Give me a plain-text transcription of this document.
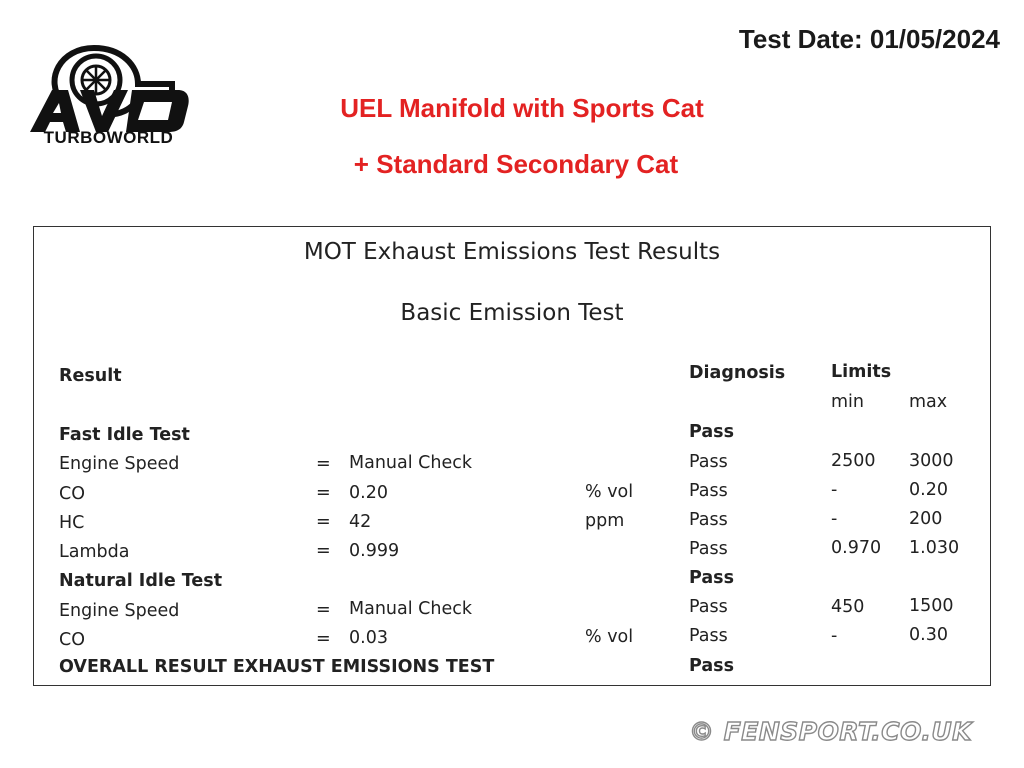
TURBOWORLD
Test Date: 01/05/2024
UEL Manifold with Sports Cat
+ Standard Secondary Cat
MOT Exhaust Emissions Test Results
Basic Emission Test
Result	Diagnosis	Limits
min	max
Fast Idle Test	Pass
Engine Speed	= Manual Check	Pass	2500 3000
CO	= 0.20	% vol	Pass	-	0.20
HC	= 42	ppm	Pass	-	200
Lambda	= 0.999	Pass	0.970 1.030
Natural Idle Test	Pass
Engine Speed	= Manual Check	Pass	450	1500
CO	= 0.03	% vol	Pass	-	0.30
OVERALL RESULT EXHAUST EMISSIONS TEST	Pass
© FENSPORT.CO.UK
